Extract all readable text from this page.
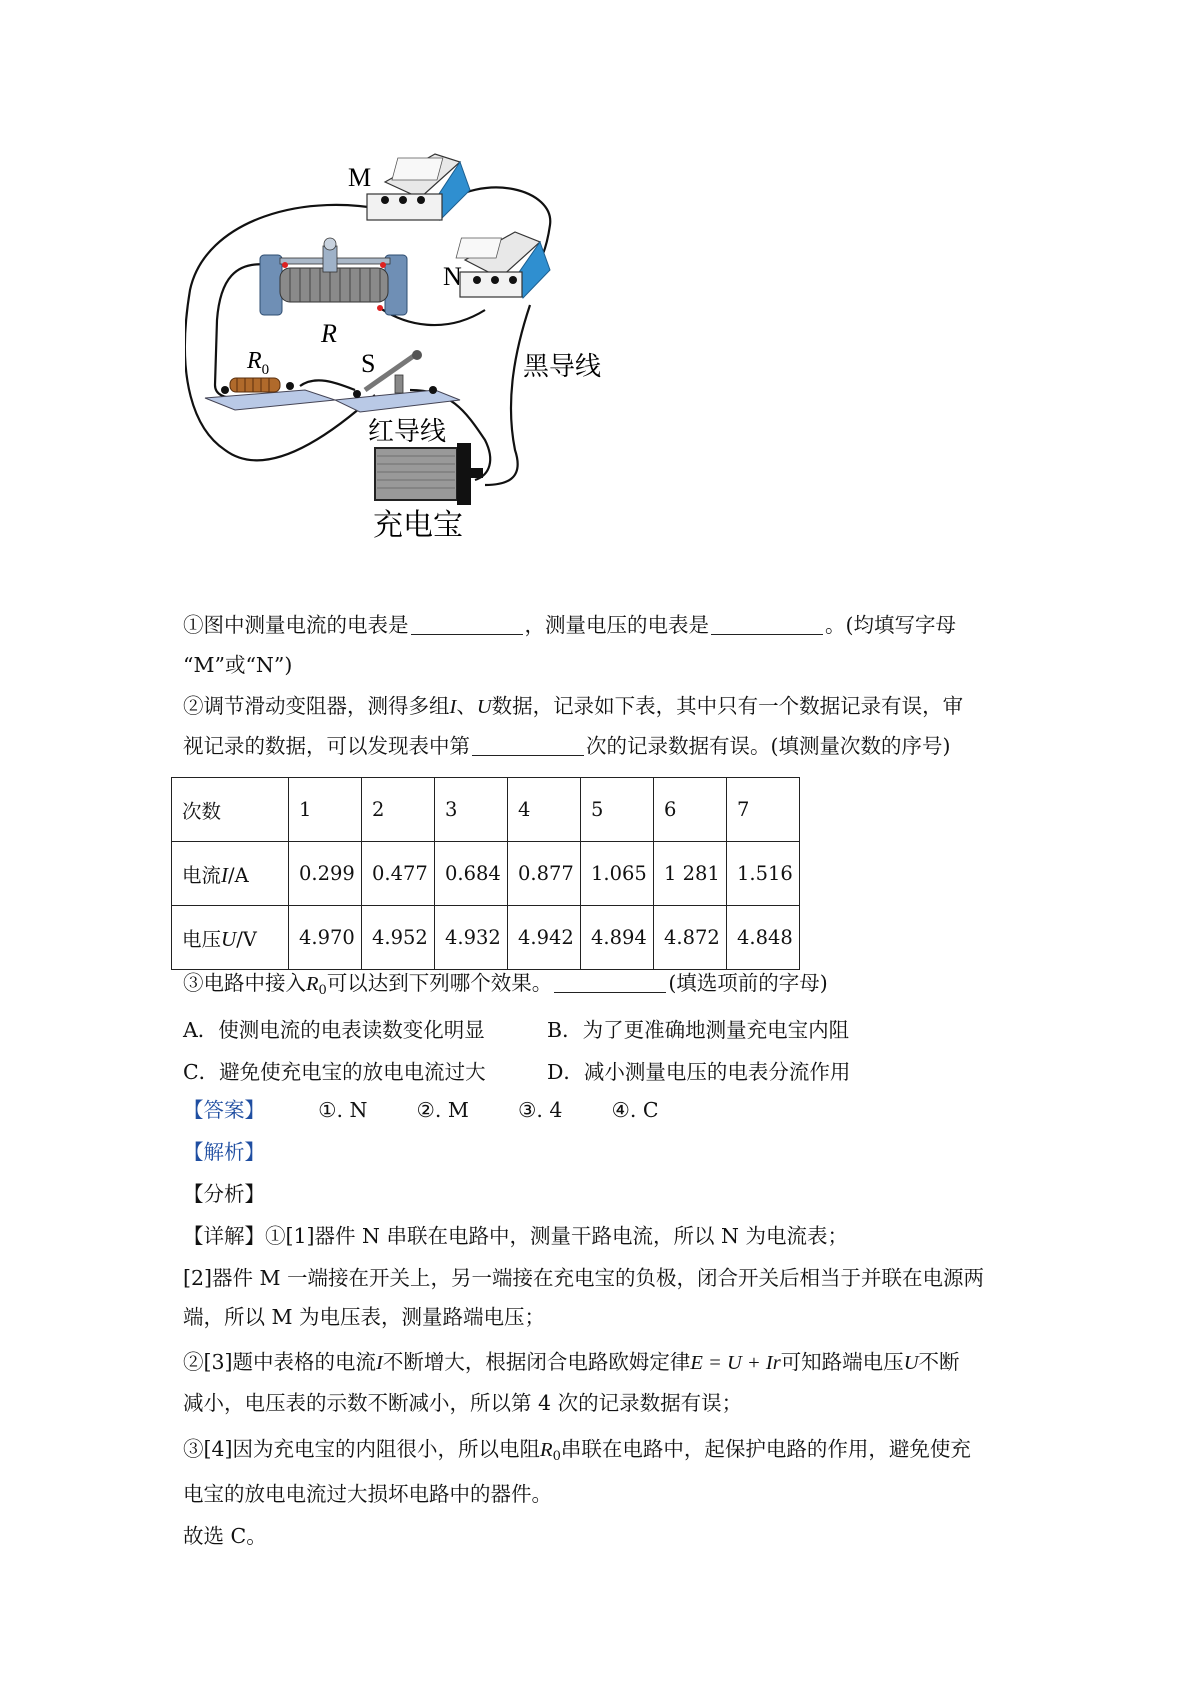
M
N
R
$R_0$	S	黑导线
红导线
充电宝
①图中测量电流的电表是	，测量电压的电表是	。(均填写字母
“M”或“N”)
②调节滑动变阻器，测得多组I、U数据，记录如下表，其中只有一个数据记录有误，审
视记录的数据，可以发现表中第	次的记录数据有误。(填测量次数的序号)
次数	1	2	3	4	5	6	7
电流I/A	0.299	0.477	0.684	0.877	1.065	1 281	1.516
电压U/V	4.970	4.952	4.932	4.942	4.894	4.872	4.848
③电路中接入$R_0$可以达到下列哪个效果。	(填选项前的字母)
A．使测电流的电表读数变化明显	B．为了更准确地测量充电宝内阻
C．避免使充电宝的放电电流过大	D．减小测量电压的电表分流作用
【答案】	①. N ②. M ③. 4 ④. C
【解析】
【分析】
【详解】①[1]器件 N 串联在电路中，测量干路电流，所以 N 为电流表；
[2]器件 M 一端接在开关上，另一端接在充电宝的负极，闭合开关后相当于并联在电源两
端，所以 M 为电压表，测量路端电压；
②[3]题中表格的电流I不断增大，根据闭合电路欧姆定律E = U + Ir可知路端电压U不断
减小，电压表的示数不断减小，所以第 4 次的记录数据有误；
③[4]因为充电宝的内阻很小，所以电阻$R_0$串联在电路中，起保护电路的作用，避免使充
电宝的放电电流过大损坏电路中的器件。
故选 C。
